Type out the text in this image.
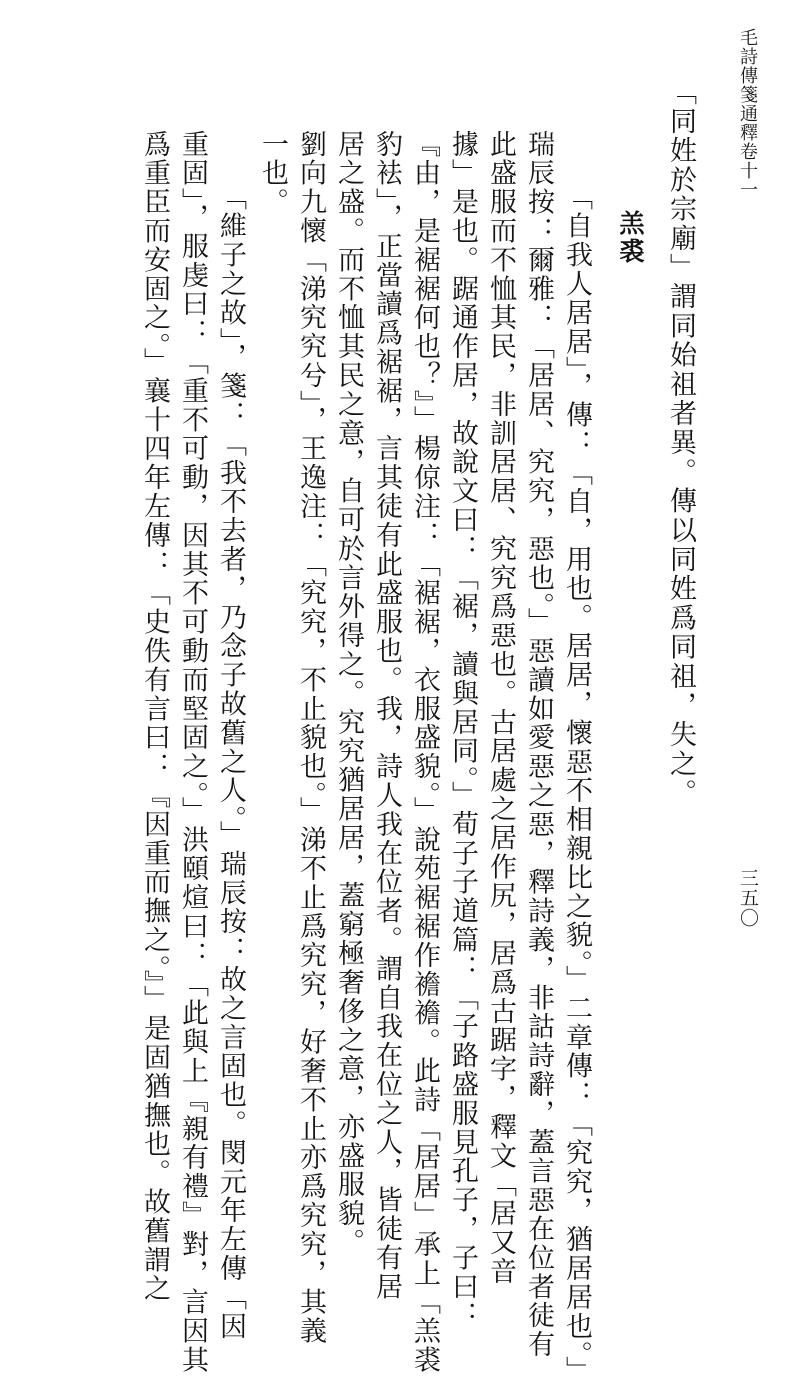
毛詩傳箋通釋卷十一
三五〇
「同姓於宗廟」謂同始祖者異。傳以同姓爲同祖，失之。
羔裘
「自我人居居」，傳：「自，用也。居居，懷惡不相親比之貌。」二章傳：「究究，猶居居也。」
瑞辰按：爾雅：「居居、究究，惡也。」惡讀如愛惡之惡，釋詩義，非詁詩辭，蓋言惡在位者徒有
此盛服而不恤其民，非訓居居、究究爲惡也。古居處之居作尻，居爲古踞字，釋文「居又音
據」是也。踞通作居，故說文曰：「裾，讀與居同。」荀子子道篇：「子路盛服見孔子，子曰：
『由，是裾裾何也？』」楊倞注：「裾裾，衣服盛貌。」說苑裾裾作襜襜。此詩「居居」承上「羔裘
豹袪」，正當讀爲裾裾，言其徒有此盛服也。我，詩人我在位者。謂自我在位之人，皆徒有居
居之盛。而不恤其民之意，自可於言外得之。究究猶居居，蓋窮極奢侈之意，亦盛服貌。
劉向九懷「涕究究兮」，王逸注：「究究，不止貌也。」涕不止爲究究，好奢不止亦爲究究，其義
一也。
「維子之故」，箋：「我不去者，乃念子故舊之人。」瑞辰按：故之言固也。閔元年左傳「因
重固」，服虔曰：「重不可動，因其不可動而堅固之。」洪頤煊曰：「此與上『親有禮』對，言因其
爲重臣而安固之。」襄十四年左傳：「史佚有言曰：『因重而撫之。』」是固猶撫也。故舊謂之
